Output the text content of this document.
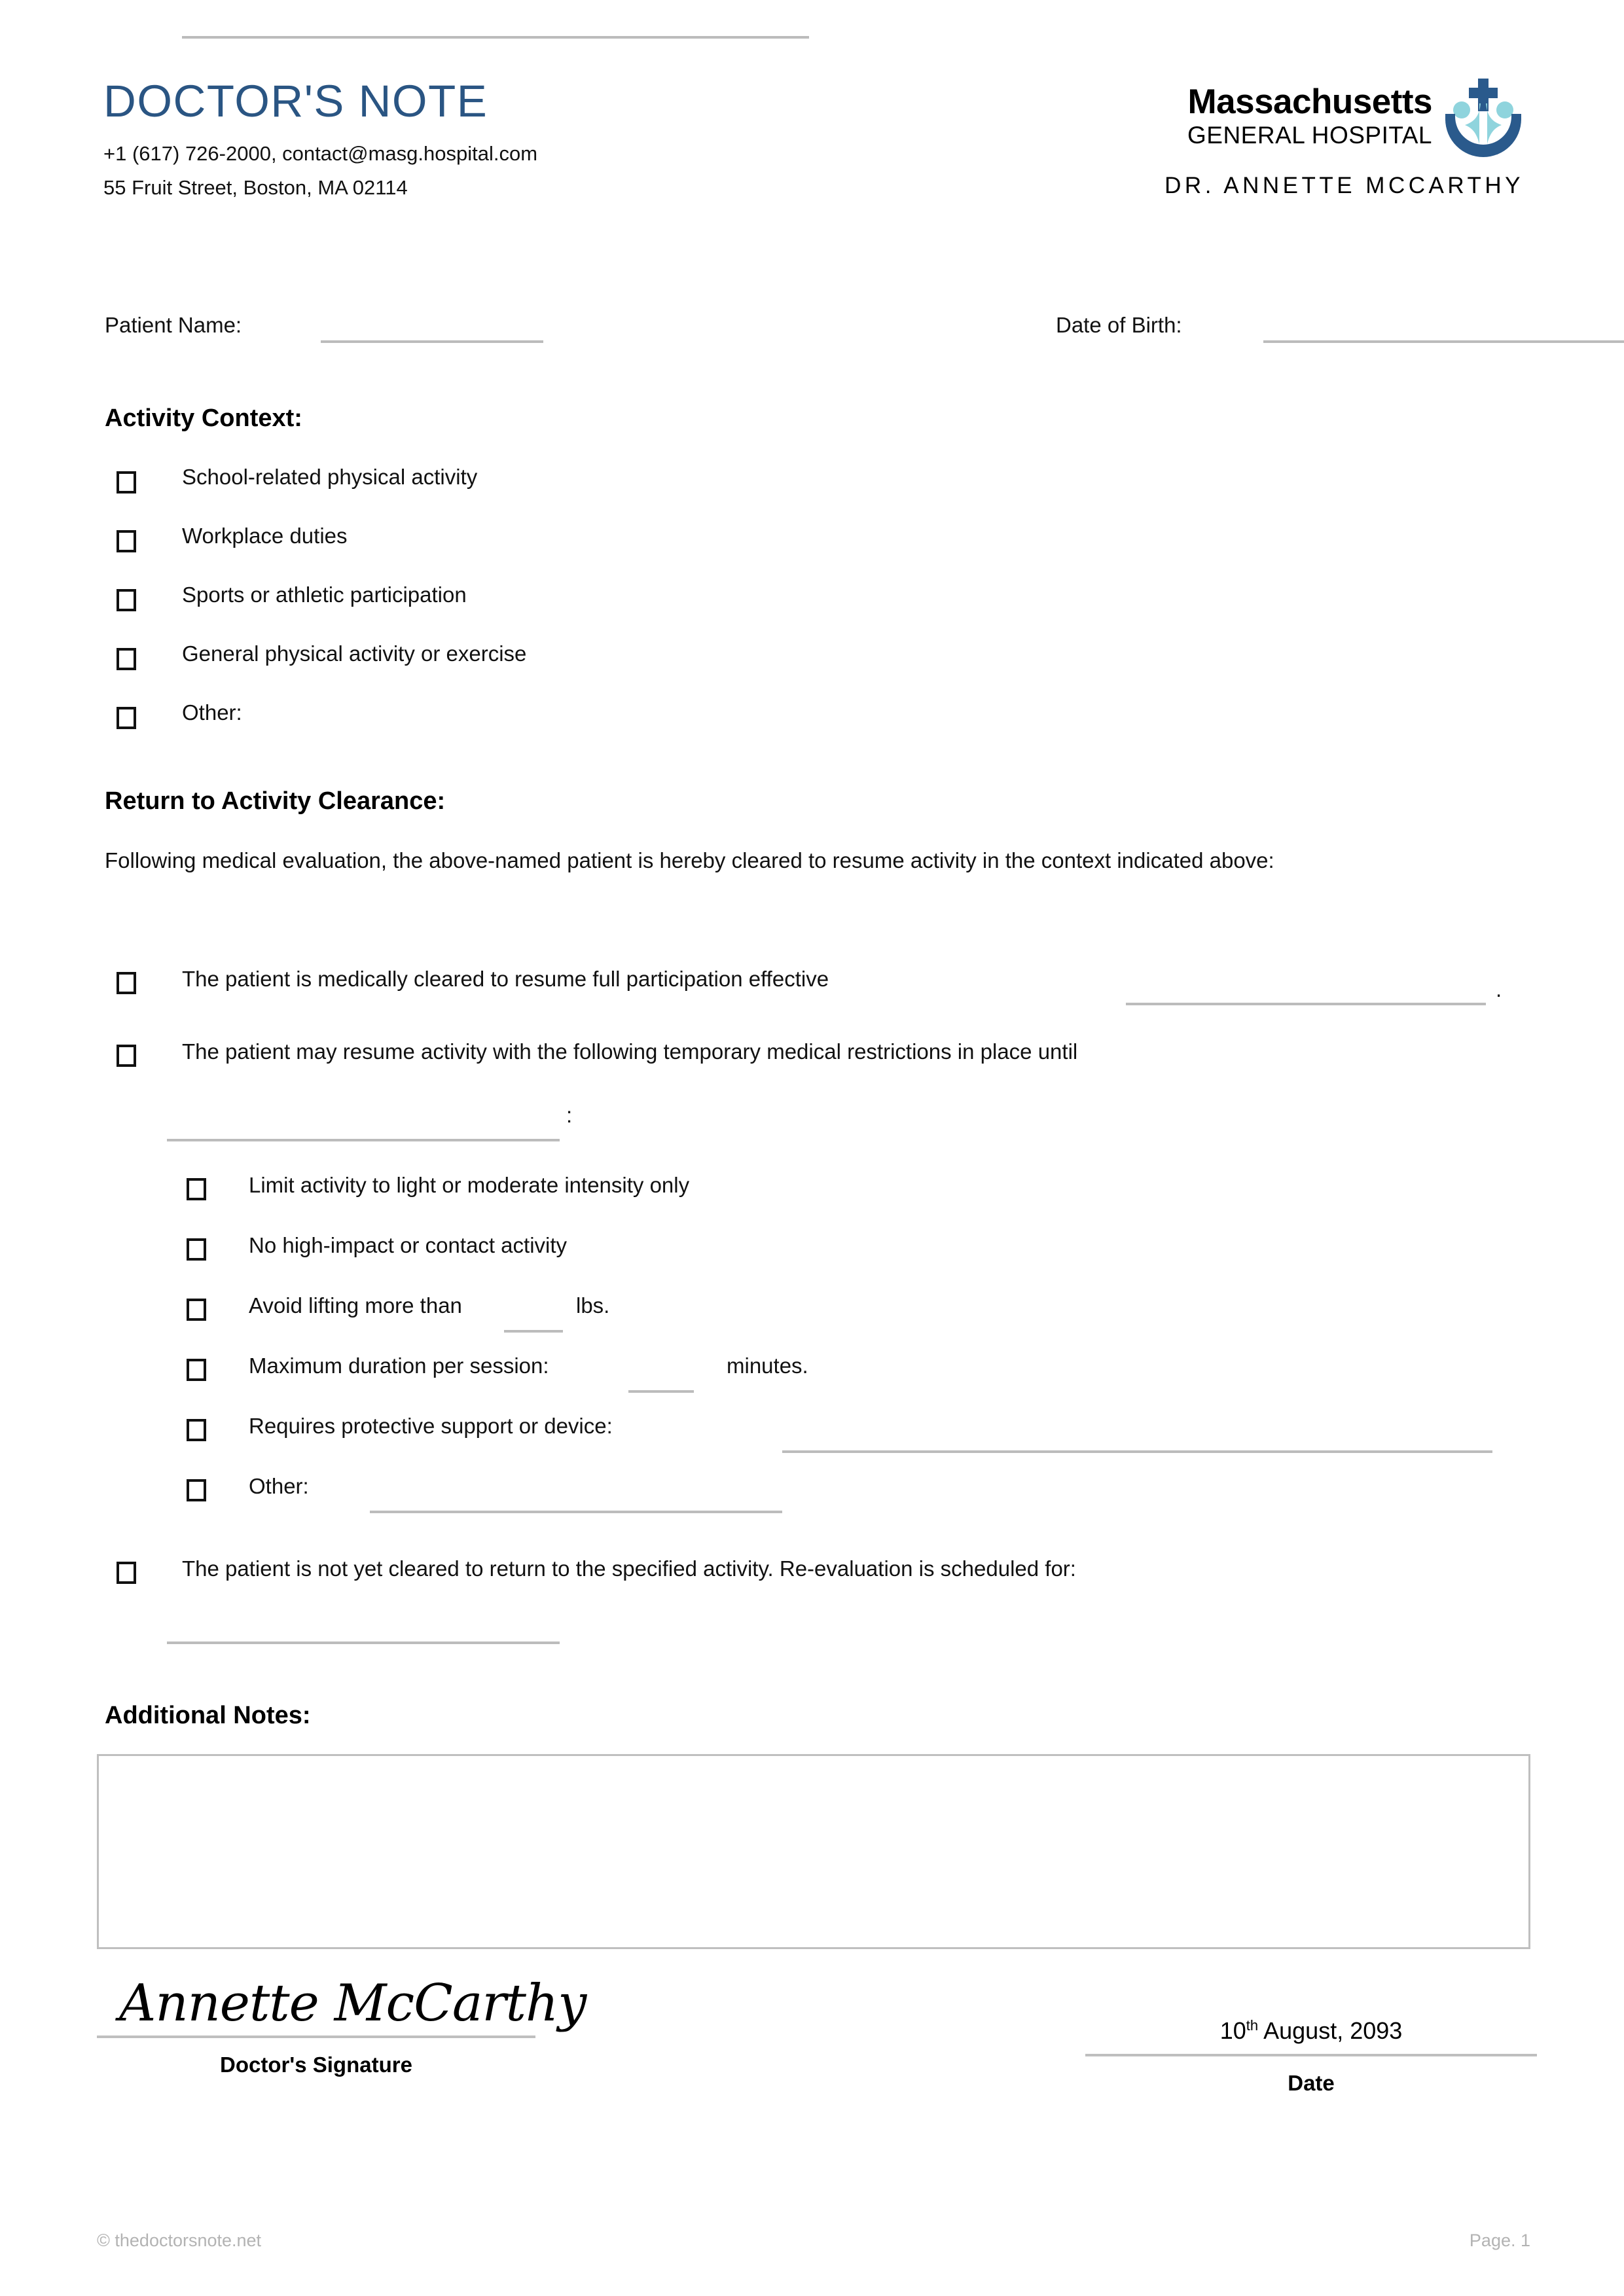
DOCTOR'S NOTE
+1 (617) 726-2000, contact@masg.hospital.com
55 Fruit Street, Boston, MA 02114
Massachusetts
GENERAL HOSPITAL
DR. ANNETTE MCCARTHY
Patient Name:	Date of Birth:
Activity Context:
School-related physical activity
Workplace duties
Sports or athletic participation
General physical activity or exercise
Other:
Return to Activity Clearance:
Following medical evaluation, the above-named patient is hereby cleared to resume activity in the context indicated above:
The patient is medically cleared to resume full participation effective	.
The patient may resume activity with the following temporary medical restrictions in place until
:
Limit activity to light or moderate intensity only
No high-impact or contact activity
Avoid lifting more than	lbs.
Maximum duration per session:	minutes.
Requires protective support or device:
Other:
The patient is not yet cleared to return to the specified activity. Re-evaluation is scheduled for:
Additional Notes:
Annette McCarthy
Doctor's Signature
10th August, 2093
Date
© thedoctorsnote.net	Page. 1
